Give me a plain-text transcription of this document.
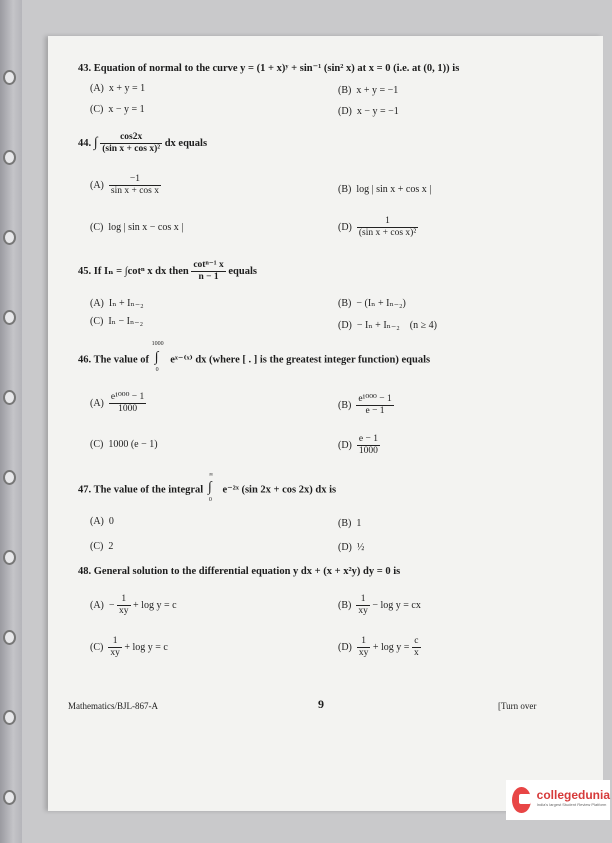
43. Equation of normal to the curve y = (1 + x)ʸ + sin⁻¹ (sin² x) at x = 0 (i.e. at (0, 1)) is
(A) x + y = 1	(B) x + y = −1
(C) x − y = 1	(D) x − y = −1
44. ∫ $\frac{\cos 2x}{\text{(sin x + cos x)²}}$ dx equals
$(A) \frac{-1}{\text{sin x + cos x}}$	(B) log | sin x + cos x |
(C) log | sin x − cos x |	$(D) \frac{1}{\text{(sin x + cos x)²}}$
45. If Iₙ = ∫cotⁿ x dx then $\frac{\text{cotⁿ⁻¹ x}}{n - 1}$ equals
(A) Iₙ + Iₙ₋₂	(B) − (Iₙ + Iₙ₋₂)
(C) Iₙ − Iₙ₋₂	(D) − Iₙ + Iₙ₋₂ (n ≥ 4)
46. The value of
1000
∫
0
eˣ⁻⁽ˣ⁾ dx (where [ . ] is the greatest integer function) equals
$(A) \frac{\text{e¹⁰⁰⁰ − 1}}{1000}$	$(B) \frac{\text{e¹⁰⁰⁰ − 1}}{e - 1}$
(C) 1000 (e − 1)	$(D) \frac{e - 1}{1000}$
47. The value of the integral
∞
∫
0
e⁻²ˣ (sin 2x + cos 2x) dx is
(A) 0	(B) 1
(C) 2	(D) ½
48. General solution to the differential equation y dx + (x + x²y) dy = 0 is
$(A) - \frac{1}{xy} + \log y = c$	$(B) \frac{1}{xy} - \log y$ = cx
$(C) \frac{1}{xy} + \log y = c$	$(D) \frac{1}{xy} + \log y = \frac{c}{x}$
Mathematics/BJL-867-A	9	[Turn over
collegedunia
India's largest Student Review Platform
